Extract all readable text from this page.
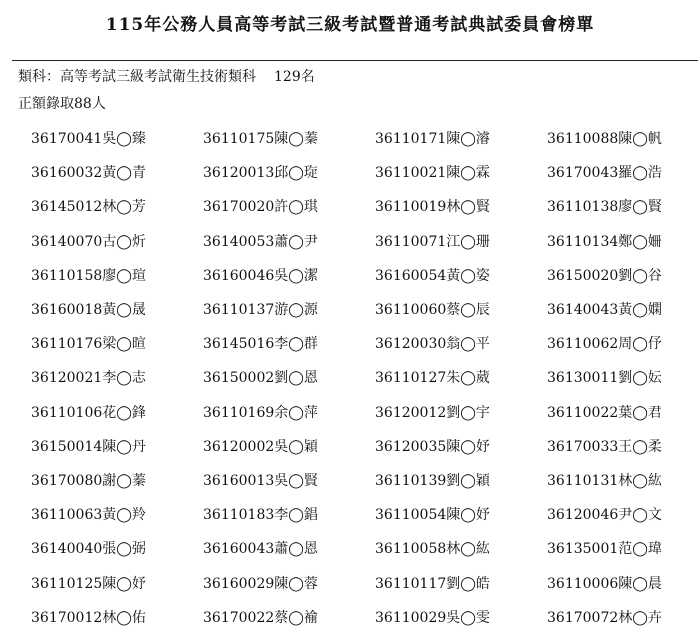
115年公務人員高等考試三級考試暨普通考試典試委員會榜單
類科：高等考試三級考試衛生技術類科 129名
正額錄取88人
36170041吳◯臻	36110175陳◯蓁	36110171陳◯濬	36110088陳◯帆
36160032黃◯青	36120013邱◯琁	36110021陳◯霖	36170043羅◯浩
36145012林◯芳	36170020許◯琪	36110019林◯賢	36110138廖◯賢
36140070古◯炘	36140053蕭◯尹	36110071江◯珊	36110134鄭◯姍
36110158廖◯瑄	36160046吳◯潔	36160054黃◯姿	36150020劉◯谷
36160018黃◯晟	36110137游◯源	36110060蔡◯辰	36140043黃◯嫻
36110176梁◯暄	36145016李◯群	36120030翁◯平	36110062周◯伃
36120021李◯志	36150002劉◯恩	36110127朱◯葳	36130011劉◯妘
36110106花◯鋒	36110169余◯萍	36120012劉◯宇	36110022葉◯君
36150014陳◯丹	36120002吳◯穎	36120035陳◯妤	36170033王◯柔
36170080謝◯蓁	36160013吳◯賢	36110139劉◯穎	36110131林◯紘
36110063黃◯羚	36110183李◯錩	36110054陳◯妤	36120046尹◯文
36140040張◯弼	36160043蕭◯恩	36110058林◯紘	36135001范◯瑋
36110125陳◯妤	36160029陳◯蓉	36110117劉◯皓	36110006陳◯晨
36170012林◯佑	36170022蔡◯褕	36110029吳◯雯	36170072林◯卉
